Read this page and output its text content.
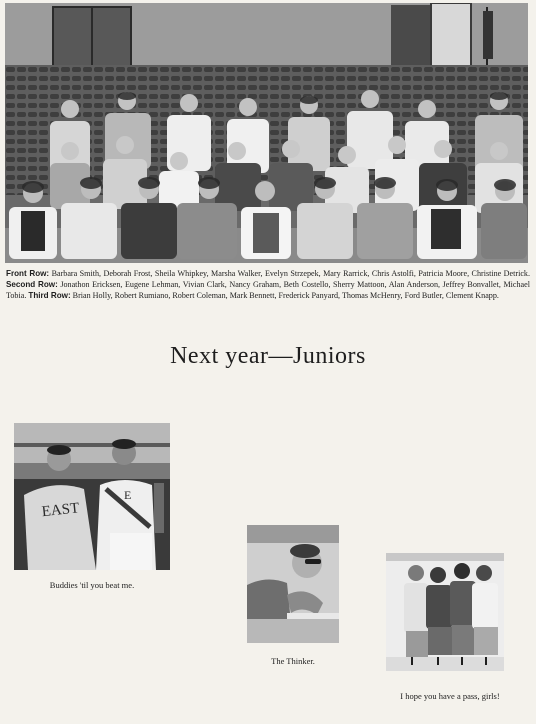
Front Row: Barbara Smith, Deborah Frost, Sheila Whipkey, Marsha Walker, Evelyn Strzepek, Mary Rarrick, Chris Astolfi, Patricia Moore, Christine Detrick. Second Row: Jonathon Ericksen, Eugene Lehman, Vivian Clark, Nancy Graham, Beth Costello, Sherry Mattoon, Alan Anderson, Jeffrey Bonvallet, Michael Tobia. Third Row: Brian Holly, Robert Rumiano, Robert Coleman, Mark Bennett, Frederick Panyard, Thomas McHenry, Ford Butler, Clement Knapp.
Next year—Juniors
EAST
E
Buddies 'til you beat me.
The Thinker.
I hope you have a pass, girls!
